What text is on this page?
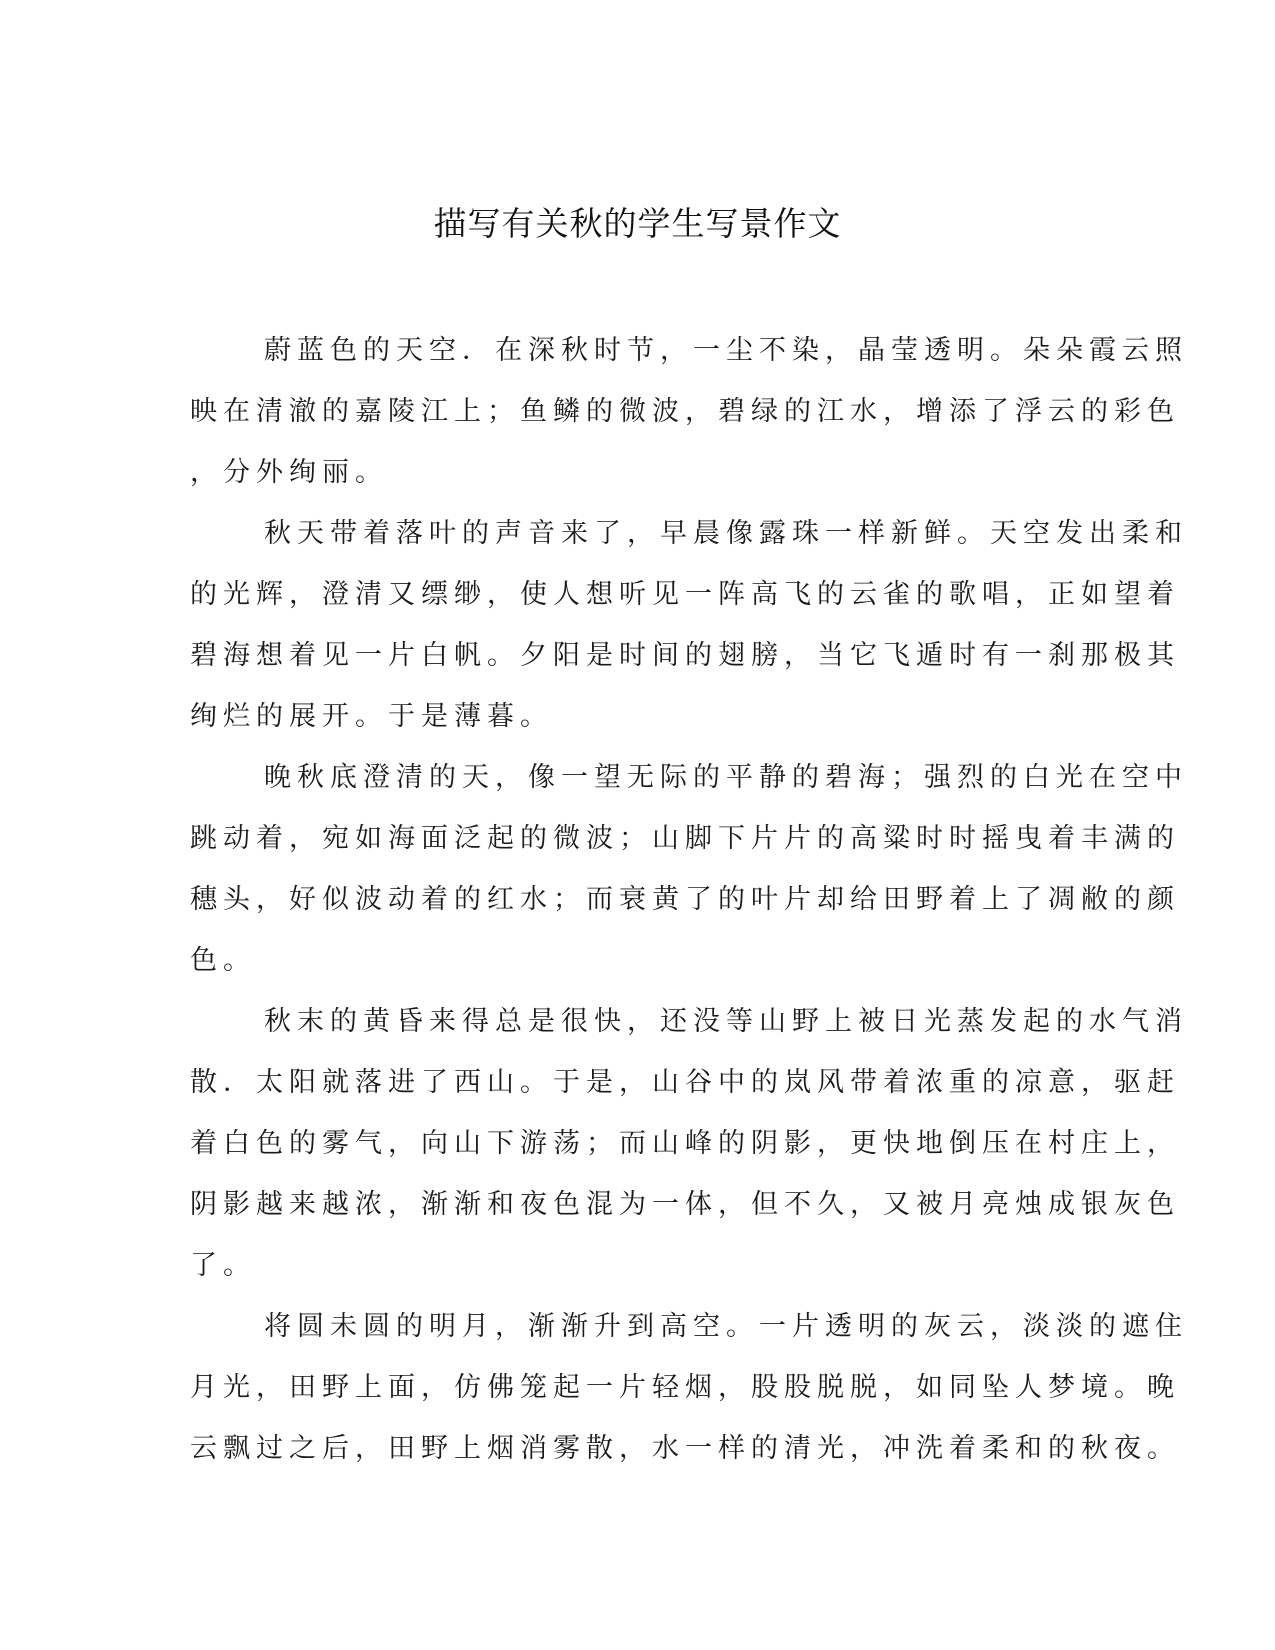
描写有关秋的学生写景作文
蔚蓝色的天空．在深秋时节，一尘不染，晶莹透明。朵朵霞云照
映在清澈的嘉陵江上；鱼鳞的微波，碧绿的江水，增添了浮云的彩色
，分外绚丽。
秋天带着落叶的声音来了，早晨像露珠一样新鲜。天空发出柔和
的光辉，澄清又缥缈，使人想听见一阵高飞的云雀的歌唱，正如望着
碧海想着见一片白帆。夕阳是时间的翅膀，当它飞遁时有一刹那极其
绚烂的展开。于是薄暮。
晚秋底澄清的天，像一望无际的平静的碧海；强烈的白光在空中
跳动着，宛如海面泛起的微波；山脚下片片的高粱时时摇曳着丰满的
穗头，好似波动着的红水；而衰黄了的叶片却给田野着上了凋敝的颜
色。
秋末的黄昏来得总是很快，还没等山野上被日光蒸发起的水气消
散．太阳就落进了西山。于是，山谷中的岚风带着浓重的凉意，驱赶
着白色的雾气，向山下游荡；而山峰的阴影，更快地倒压在村庄上，
阴影越来越浓，渐渐和夜色混为一体，但不久，又被月亮烛成银灰色
了。
将圆未圆的明月，渐渐升到高空。一片透明的灰云，淡淡的遮住
月光，田野上面，仿佛笼起一片轻烟，股股脱脱，如同坠人梦境。晚
云飘过之后，田野上烟消雾散，水一样的清光，冲洗着柔和的秋夜。
